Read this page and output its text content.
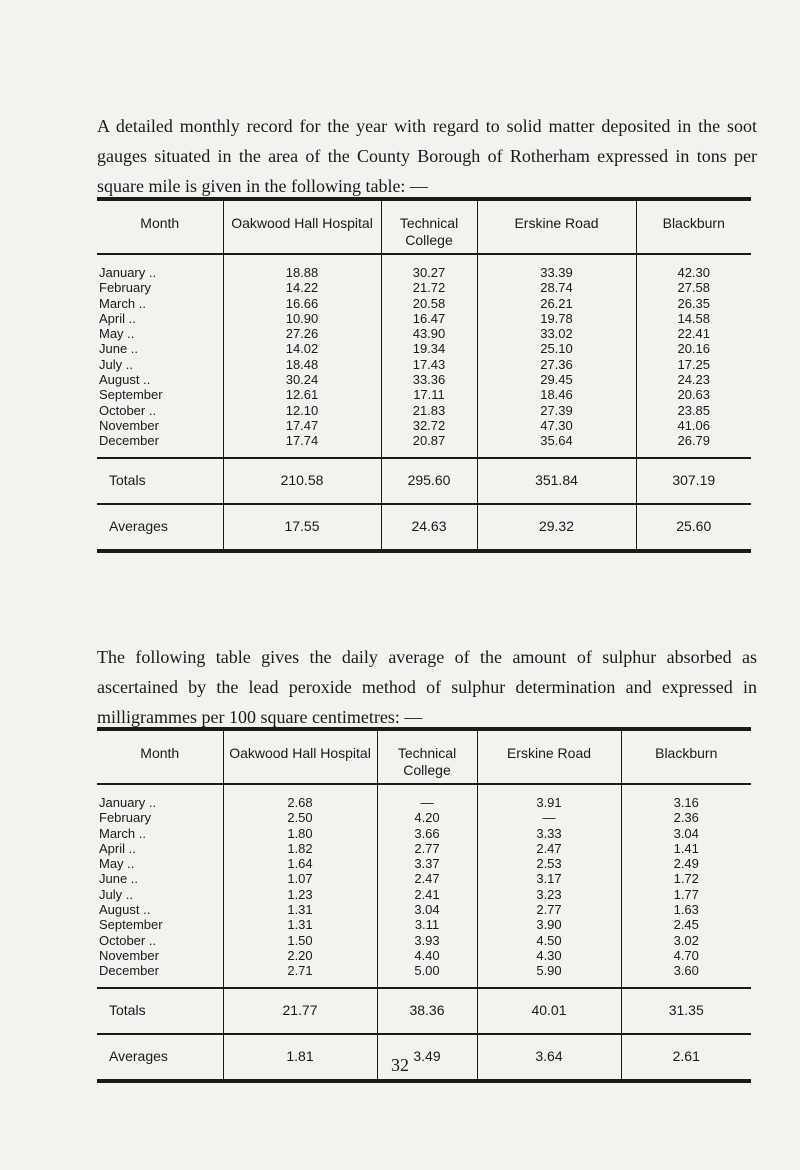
A detailed monthly record for the year with regard to solid matter deposited in the soot gauges situated in the area of the County Borough of Rotherham expressed in tons per square mile is given in the following table: —

Month	Oakwood Hall Hospital	Technical College	Erskine Road	Blackburn
January ..	18.88	30.27	33.39	42.30
February	14.22	21.72	28.74	27.58
March ..	16.66	20.58	26.21	26.35
April ..	10.90	16.47	19.78	14.58
May ..	27.26	43.90	33.02	22.41
June ..	14.02	19.34	25.10	20.16
July ..	18.48	17.43	27.36	17.25
August ..	30.24	33.36	29.45	24.23
September	12.61	17.11	18.46	20.63
October ..	12.10	21.83	27.39	23.85
November	17.47	32.72	47.30	41.06
December	17.74	20.87	35.64	26.79
Totals	210.58	295.60	351.84	307.19
Averages	17.55	24.63	29.32	25.60

The following table gives the daily average of the amount of sulphur absorbed as ascertained by the lead peroxide method of sulphur determination and expressed in milligrammes per 100 square centimetres: —

Month	Oakwood Hall Hospital	Technical College	Erskine Road	Blackburn
January ..	2.68	—	3.91	3.16
February	2.50	4.20	—	2.36
March ..	1.80	3.66	3.33	3.04
April ..	1.82	2.77	2.47	1.41
May ..	1.64	3.37	2.53	2.49
June ..	1.07	2.47	3.17	1.72
July ..	1.23	2.41	3.23	1.77
August ..	1.31	3.04	2.77	1.63
September	1.31	3.11	3.90	2.45
October ..	1.50	3.93	4.50	3.02
November	2.20	4.40	4.30	4.70
December	2.71	5.00	5.90	3.60
Totals	21.77	38.36	40.01	31.35
Averages	1.81	3.49	3.64	2.61
32
